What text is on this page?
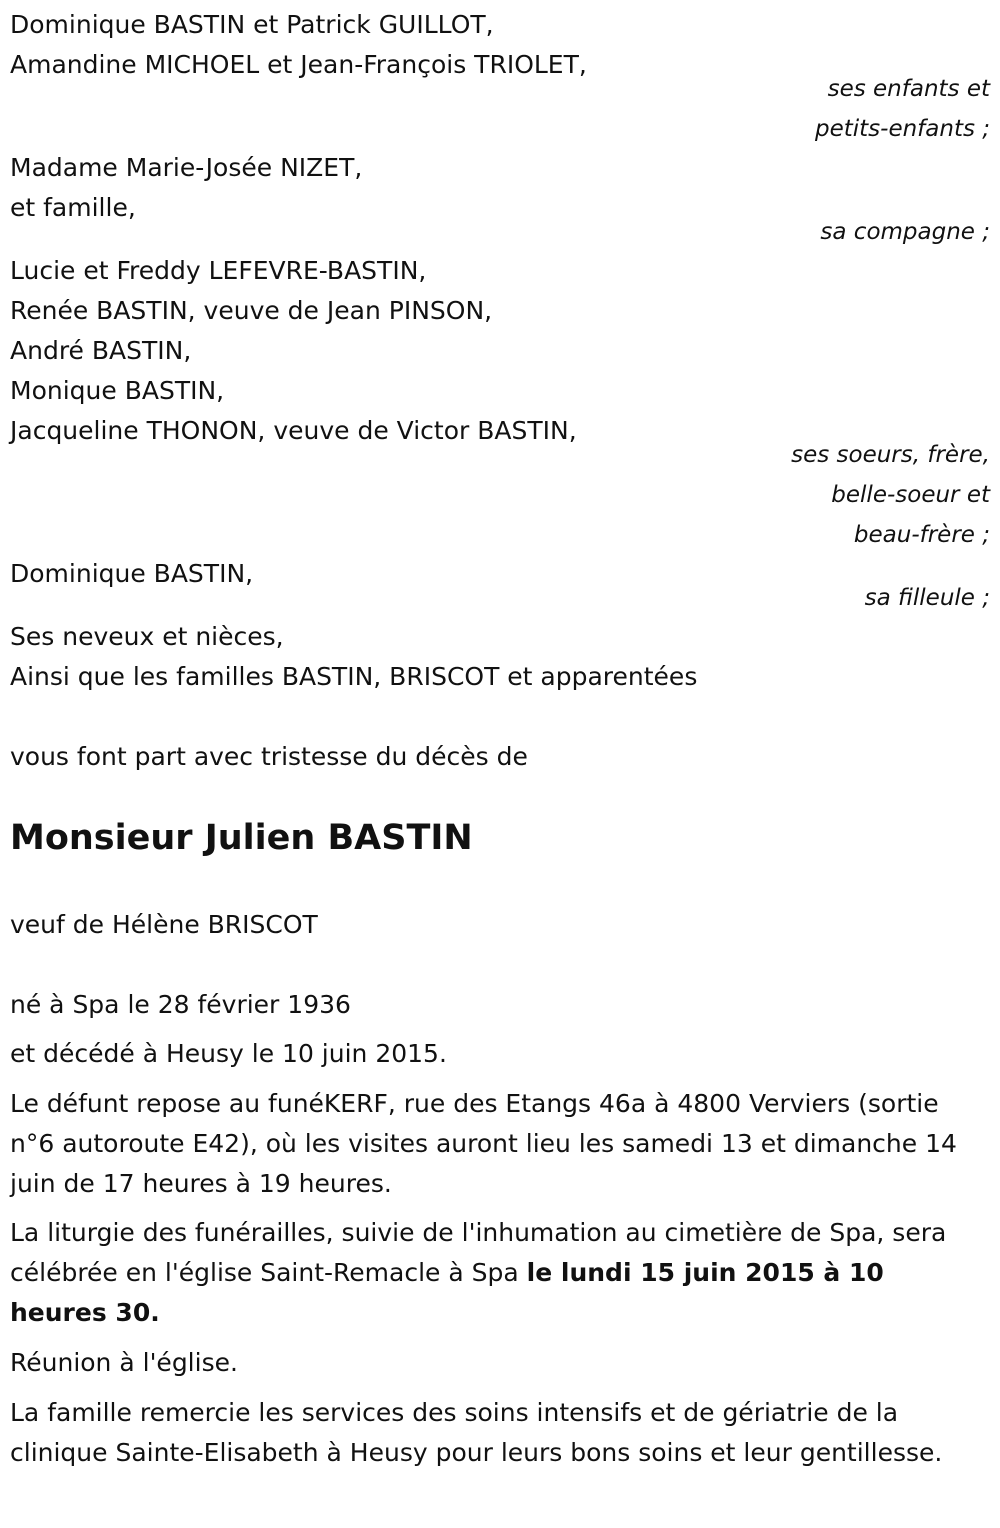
Dominique BASTIN et Patrick GUILLOT,
Amandine MICHOEL et Jean-François TRIOLET,
ses enfants et
petits-enfants ;
Madame Marie-Josée NIZET,
et famille,
sa compagne ;
Lucie et Freddy LEFEVRE-BASTIN,
Renée BASTIN, veuve de Jean PINSON,
André BASTIN,
Monique BASTIN,
Jacqueline THONON, veuve de Victor BASTIN,
ses soeurs, frère,
belle-soeur et
beau-frère ;
Dominique BASTIN,
sa filleule ;
Ses neveux et nièces,
Ainsi que les familles BASTIN, BRISCOT et apparentées
vous font part avec tristesse du décès de
Monsieur Julien BASTIN
veuf de Hélène BRISCOT
né à Spa le 28 février 1936
et décédé à Heusy le 10 juin 2015.
Le défunt repose au funéKERF, rue des Etangs 46a à 4800 Verviers (sortie n°6 autoroute E42), où les visites auront lieu les samedi 13 et dimanche 14 juin de 17 heures à 19 heures.
La liturgie des funérailles, suivie de l'inhumation au cimetière de Spa, sera célébrée en l'église Saint-Remacle à Spa le lundi 15 juin 2015 à 10 heures 30.
Réunion à l'église.
La famille remercie les services des soins intensifs et de gériatrie de la clinique Sainte-Elisabeth à Heusy pour leurs bons soins et leur gentillesse.
